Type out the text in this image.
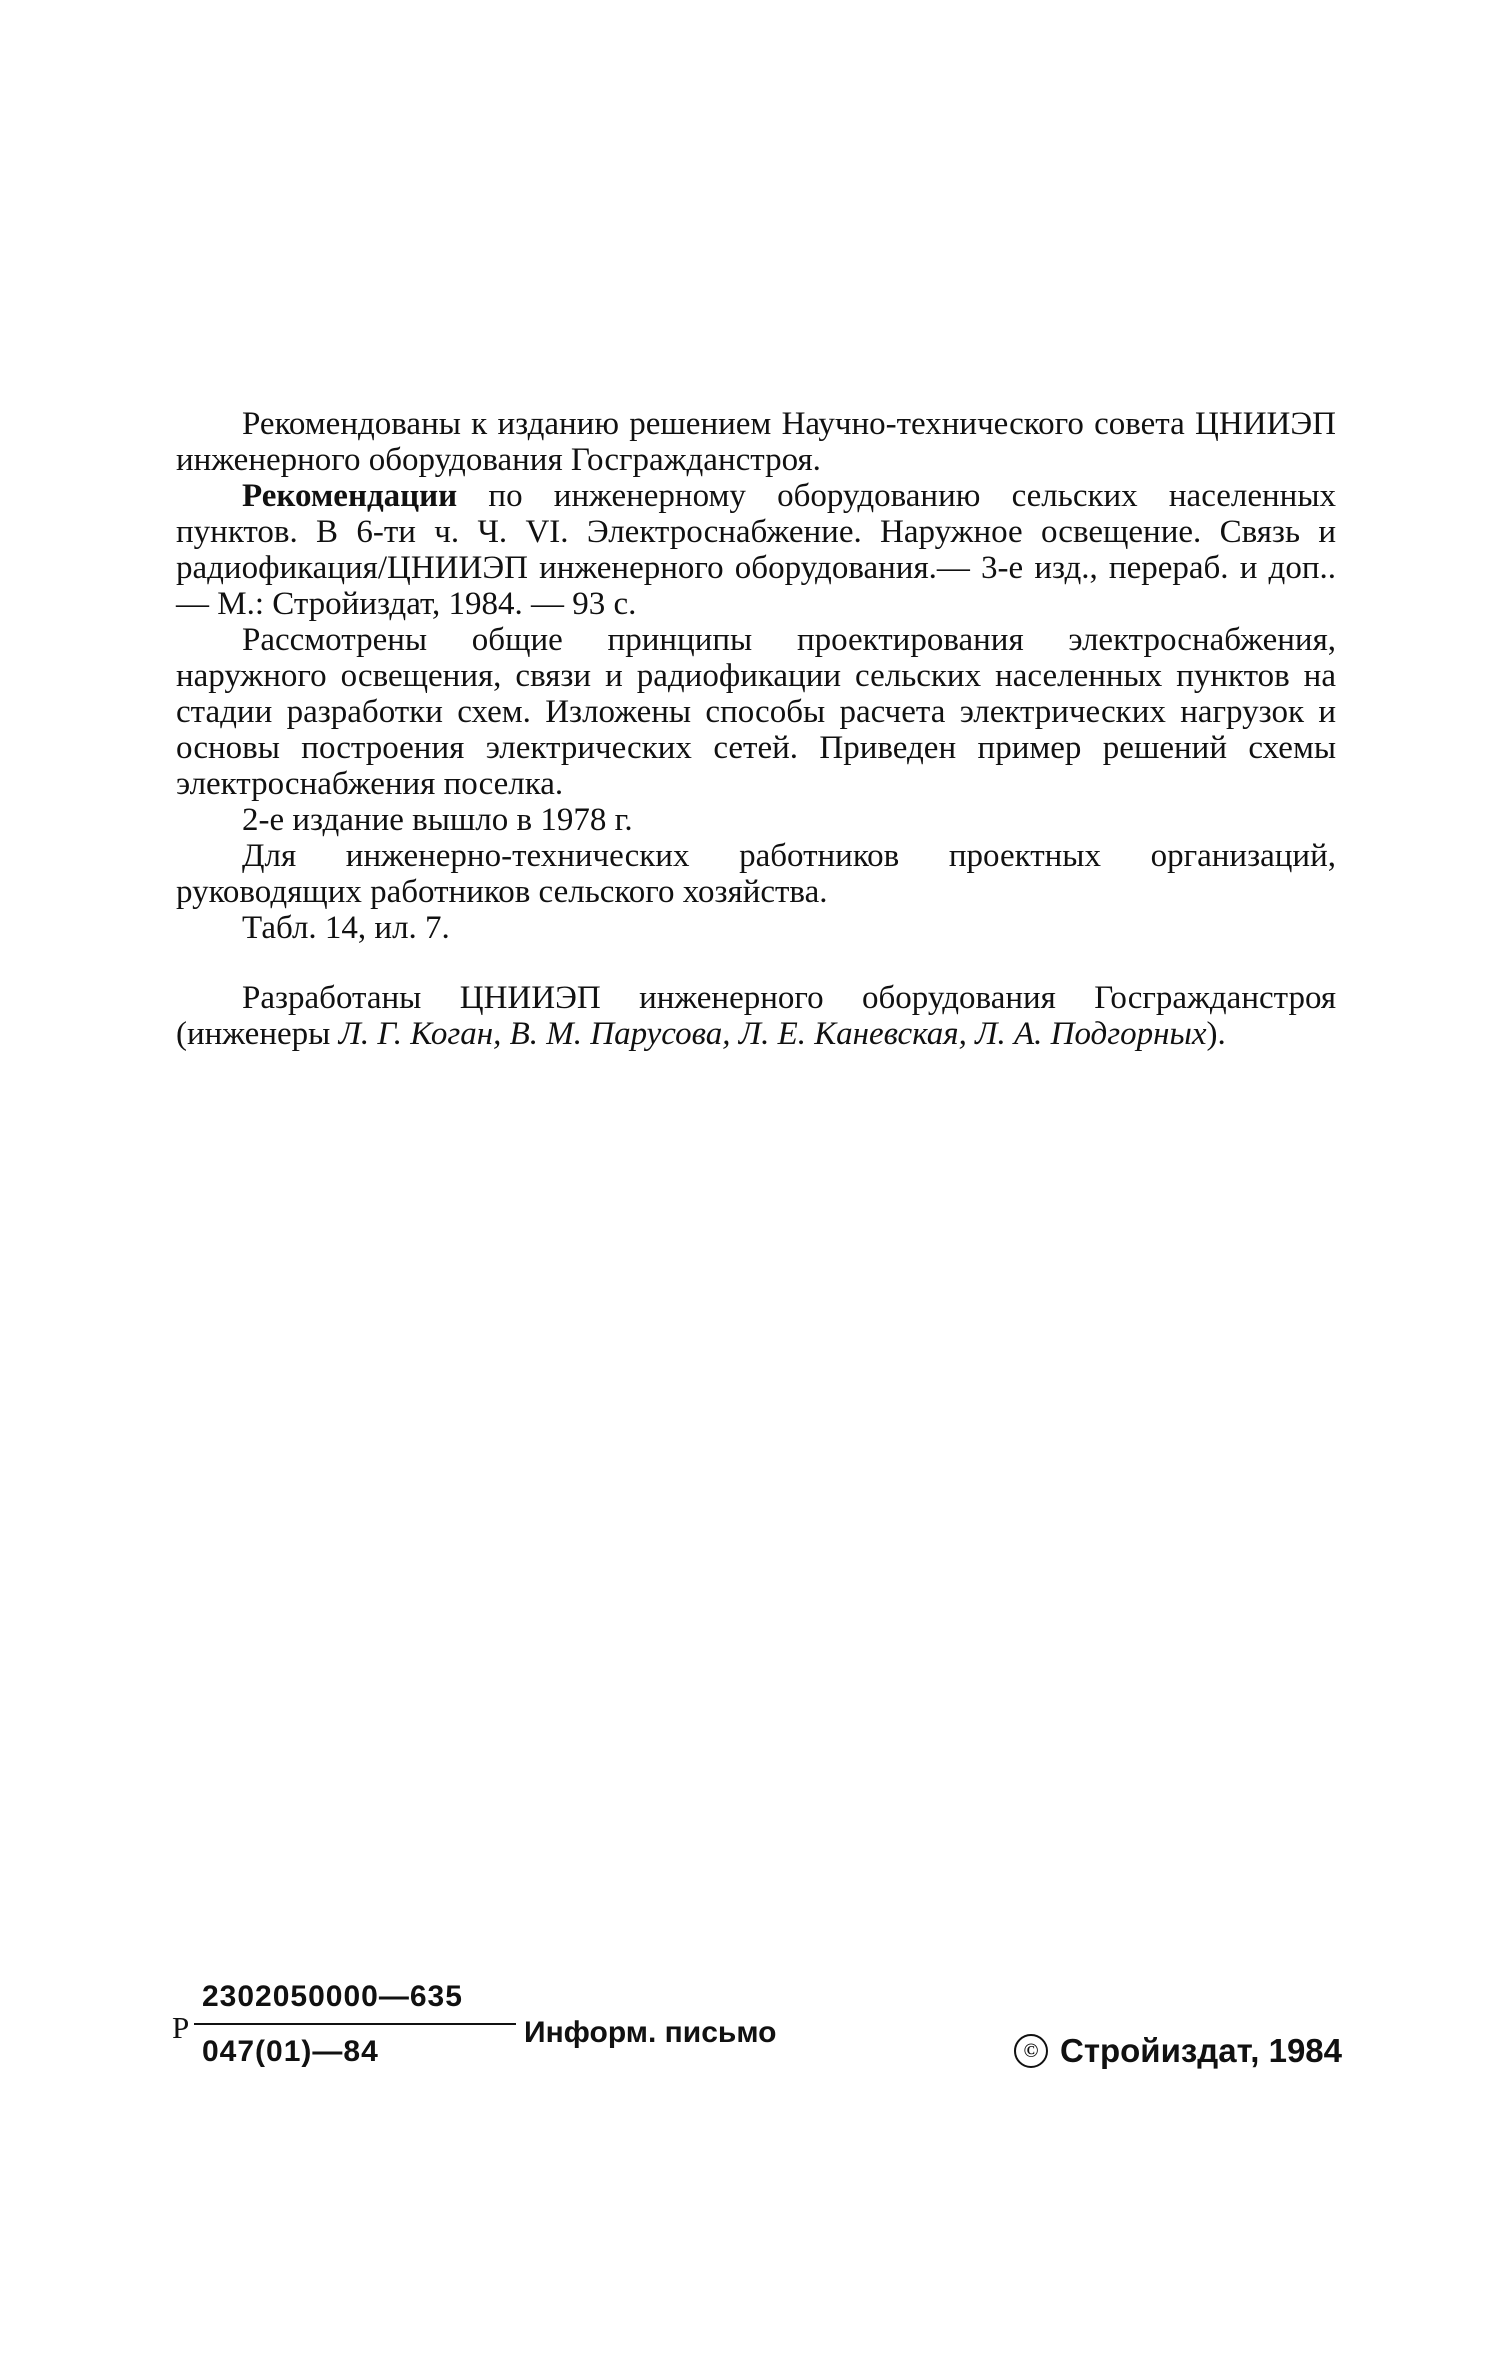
Рекомендованы к изданию решением Научно-технического совета ЦНИИЭП инженерного оборудования Госгражданстроя.

Рекомендации по инженерному оборудованию сельских населенных пунктов. В 6-ти ч. Ч. VI. Электроснабжение. Наружное освещение. Связь и радиофикация/ЦНИИЭП инженерного оборудования.— 3-е изд., перераб. и доп.. — М.: Стройиздат, 1984. — 93 с.

Рассмотрены общие принципы проектирования электроснабжения, наружного освещения, связи и радиофикации сельских населенных пунктов на стадии разработки схем. Изложены способы расчета электрических нагрузок и основы построения электрических сетей. Приведен пример решений схемы электроснабжения поселка.

2-е издание вышло в 1978 г.

Для инженерно-технических работников проектных организаций, руководящих работников сельского хозяйства.

Табл. 14, ил. 7.

Разработаны ЦНИИЭП инженерного оборудования Госгражданстроя (инженеры Л. Г. Коган, В. М. Парусова, Л. Е. Каневская, Л. А. Подгорных).

Р
2302050000—635
047(01)—84
Информ. письмо
© Стройиздат, 1984
